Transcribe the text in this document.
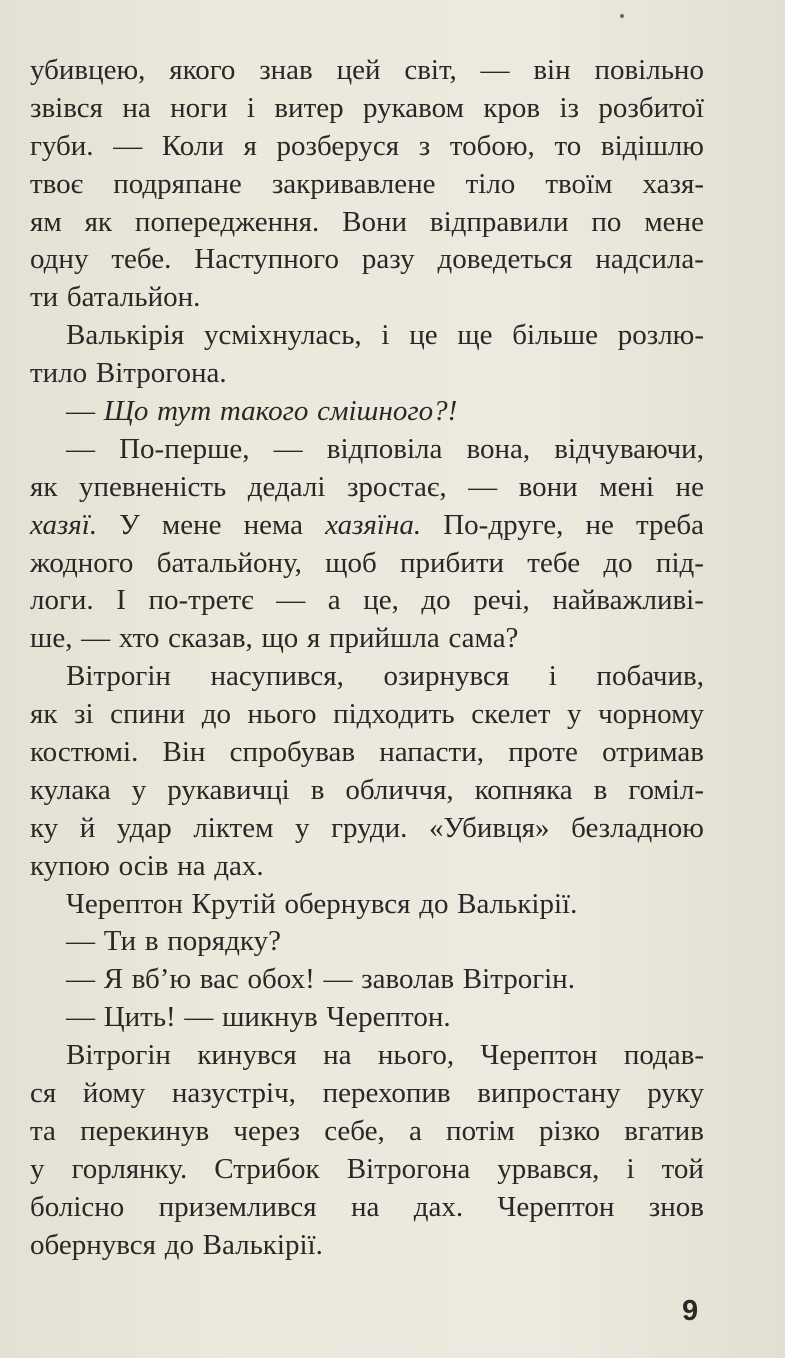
убивцею, якого знав цей світ, — він повільно
звівся на ноги і витер рукавом кров із розбитої
губи. — Коли я розберуся з тобою, то відішлю
твоє подряпане закривавлене тіло твоїм хазя-
ям як попередження. Вони відправили по мене
одну тебе. Наступного разу доведеться надсила-
ти батальйон.
Валькірія усміхнулась, і це ще більше розлю-
тило Вітрогона.
— Що тут такого смішного?!
— По-перше, — відповіла вона, відчуваючи,
як упевненість дедалі зростає, — вони мені не
хазяї. У мене нема хазяїна. По-друге, не треба
жодного батальйону, щоб прибити тебе до під-
логи. І по-третє — а це, до речі, найважливі-
ше, — хто сказав, що я прийшла сама?
Вітрогін насупився, озирнувся і побачив,
як зі спини до нього підходить скелет у чорному
костюмі. Він спробував напасти, проте отримав
кулака у рукавичці в обличчя, копняка в гоміл-
ку й удар ліктем у груди. «Убивця» безладною
купою осів на дах.
Черептон Крутій обернувся до Валькірії.
— Ти в порядку?
— Я вб’ю вас обох! — заволав Вітрогін.
— Цить! — шикнув Черептон.
Вітрогін кинувся на нього, Черептон подав-
ся йому назустріч, перехопив випростану руку
та перекинув через себе, а потім різко вгатив
у горлянку. Стрибок Вітрогона урвався, і той
болісно приземлився на дах. Черептон знов
обернувся до Валькірії.
9
